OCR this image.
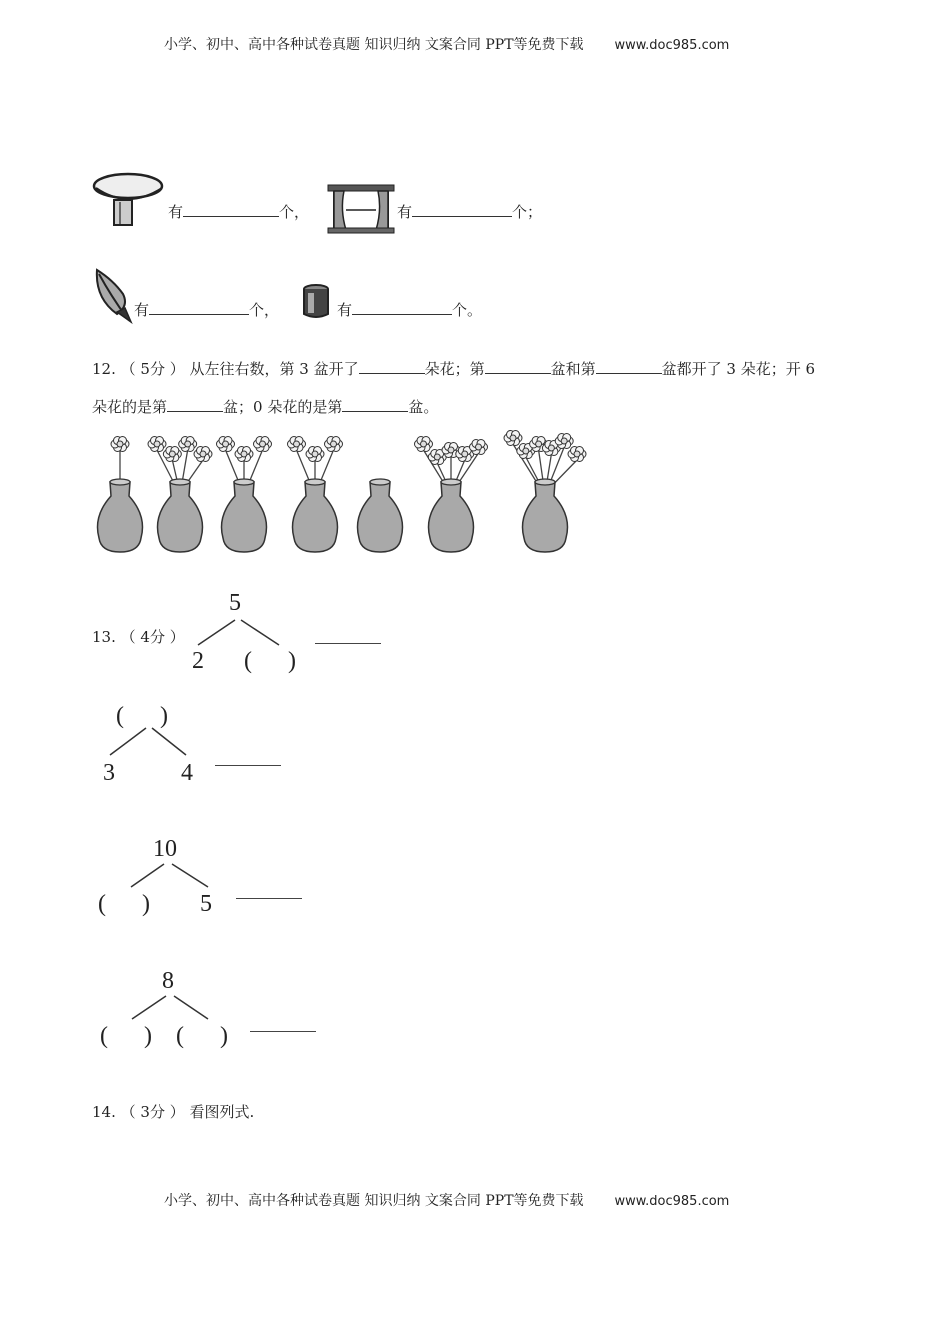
小学、初中、高中各种试卷真题 知识归纳 文案合同 PPT等免费下载 www.doc985.com
有	个，	有	个；
有	个，	有	个。
12. （ 5分 ） 从左往右数，第 3 盆开了	朵花；第	盆和第	盆都开了 3 朵花；开 6
朵花的是第	盆；0 朵花的是第	盆。
13. （ 4分 ）
5
2 (      )
(      )
3	4
10
(      ) 5
8
(      ) (      )
14. （ 3分 ） 看图列式.
小学、初中、高中各种试卷真题 知识归纳 文案合同 PPT等免费下载 www.doc985.com
